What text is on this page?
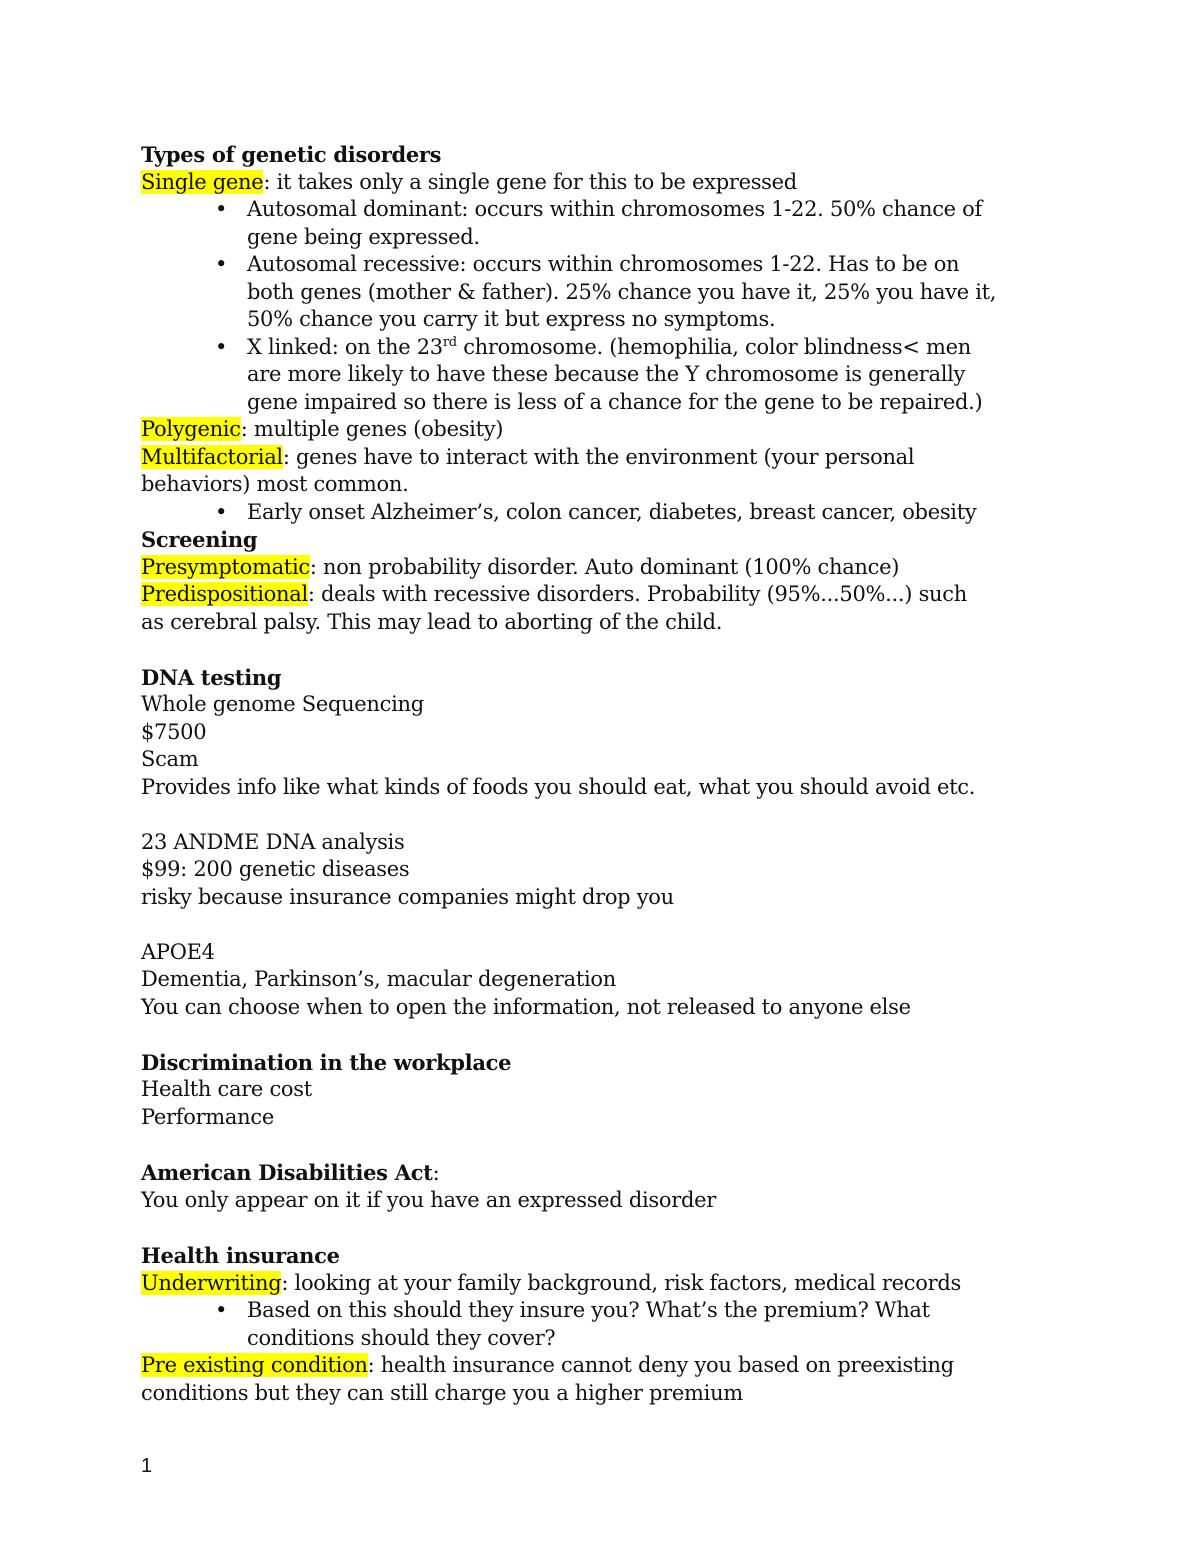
Types of genetic disorders
Single gene: it takes only a single gene for this to be expressed
• Autosomal dominant: occurs within chromosomes 1-22. 50% chance of
gene being expressed.
• Autosomal recessive: occurs within chromosomes 1-22. Has to be on
both genes (mother & father). 25% chance you have it, 25% you have it,
50% chance you carry it but express no symptoms.
• X linked: on the 23rd chromosome. (hemophilia, color blindness< men
are more likely to have these because the Y chromosome is generally
gene impaired so there is less of a chance for the gene to be repaired.)
Polygenic: multiple genes (obesity)
Multifactorial: genes have to interact with the environment (your personal
behaviors) most common.
• Early onset Alzheimer’s, colon cancer, diabetes, breast cancer, obesity
Screening
Presymptomatic: non probability disorder. Auto dominant (100% chance)
Predispositional: deals with recessive disorders. Probability (95%...50%...) such
as cerebral palsy. This may lead to aborting of the child.
DNA testing
Whole genome Sequencing
$7500
Scam
Provides info like what kinds of foods you should eat, what you should avoid etc.
23 ANDME DNA analysis
$99: 200 genetic diseases
risky because insurance companies might drop you
APOE4
Dementia, Parkinson’s, macular degeneration
You can choose when to open the information, not released to anyone else
Discrimination in the workplace
Health care cost
Performance
American Disabilities Act:
You only appear on it if you have an expressed disorder
Health insurance
Underwriting: looking at your family background, risk factors, medical records
• Based on this should they insure you? What’s the premium? What
conditions should they cover?
Pre existing condition: health insurance cannot deny you based on preexisting
conditions but they can still charge you a higher premium
1
